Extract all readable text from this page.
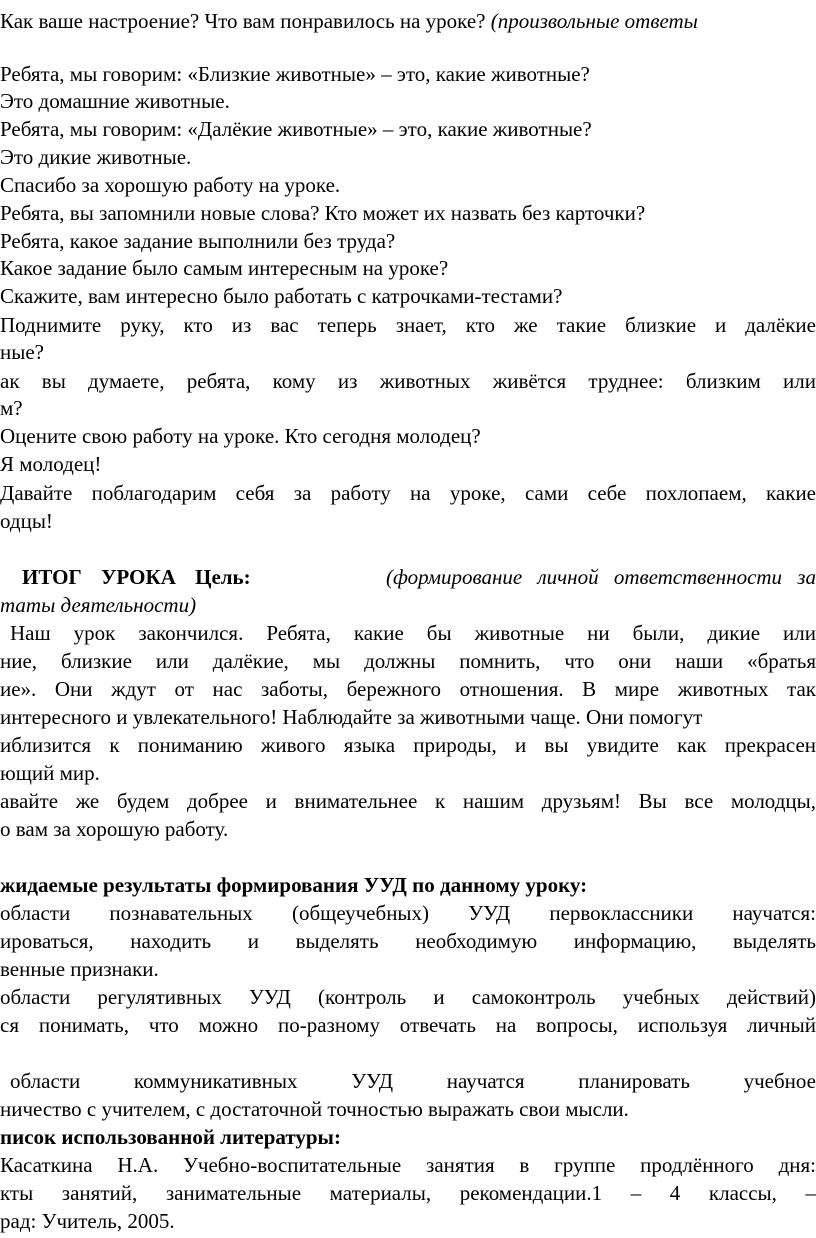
Как ваше настроение? Что вам понравилось на уроке? (произвольные ответы
Ребята, мы говорим: «Близкие животные» – это, какие животные?
Это домашние животные.
Ребята, мы говорим: «Далёкие животные» – это, какие животные?
Это дикие животные.
Спасибо за хорошую работу на уроке.
Ребята, вы запомнили новые слова? Кто может их назвать без карточки?
Ребята, какое задание выполнили без труда?
Какое задание было самым интересным на уроке?
Скажите, вам интересно было работать с катрочками-тестами?
Поднимите руку, кто из вас теперь знает, кто же такие близкие и далёкие
ные?
ак вы думаете, ребята, кому из животных живётся труднее: близким или
м?
Оцените свою работу на уроке. Кто сегодня молодец?
Я молодец!
Давайте поблагодарим себя за работу на уроке, сами себе похлопаем, какие
одцы!
ИТОГ УРОКА Цель:	(формирование личной ответственности за
таты деятельности)
Наш урок закончился. Ребята, какие бы животные ни были, дикие или
ние, близкие или далёкие, мы должны помнить, что они наши «братья
ие». Они ждут от нас заботы, бережного отношения. В мире животных так
интересного и увлекательного! Наблюдайте за животными чаще. Они помогут
иблизится к пониманию живого языка природы, и вы увидите как прекрасен
ющий мир.
авайте же будем добрее и внимательнее к нашим друзьям! Вы все молодцы,
о вам за хорошую работу.
жидаемые результаты формирования УУД по данному уроку:
области познавательных (общеучебных) УУД первоклассники научатся:
ироваться, находить и выделять необходимую информацию, выделять
венные признаки.
области регулятивных УУД (контроль и самоконтроль учебных действий)
ся понимать, что можно по-разному отвечать на вопросы, используя личный
области коммуникативных УУД научатся планировать учебное
ничество с учителем, с достаточной точностью выражать свои мысли.
писок использованной литературы:
Касаткина Н.А. Учебно-воспитательные занятия в группе продлённого дня:
кты занятий, занимательные материалы, рекомендации.1 – 4 классы, –
рад: Учитель, 2005.
